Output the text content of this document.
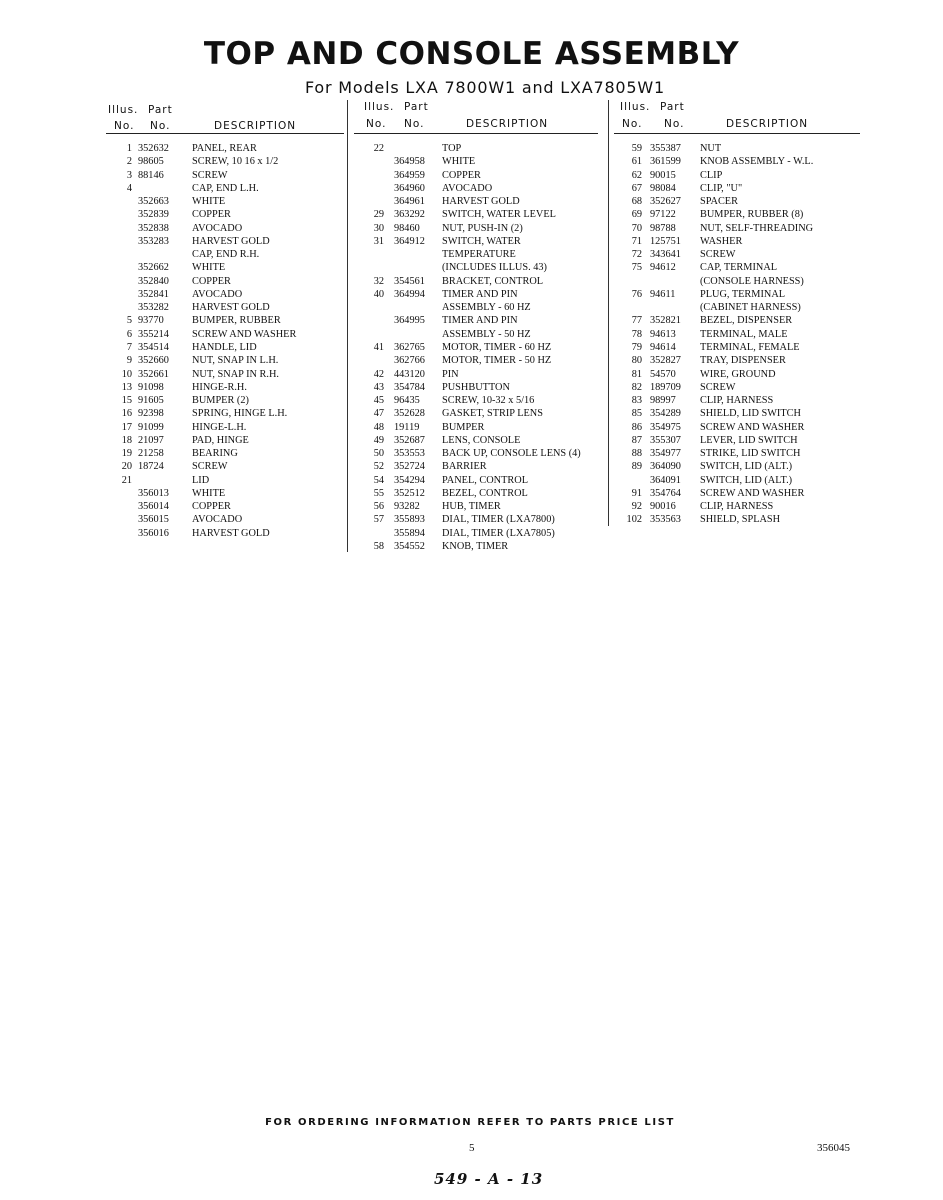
TOP AND CONSOLE ASSEMBLY
For Models LXA 7800W1 and LXA7805W1
Illus. Part
No. No.	DESCRIPTION
1 352632 PANEL, REAR
2 98605	SCREW, 10 16 x 1/2
3 88146	SCREW
4	CAP, END L.H.
352663 WHITE
352839 COPPER
352838 AVOCADO
353283 HARVEST GOLD
CAP, END R.H.
352662 WHITE
352840 COPPER
352841 AVOCADO
353282 HARVEST GOLD
5 93770	BUMPER, RUBBER
6 355214 SCREW AND WASHER
7 354514 HANDLE, LID
9 352660 NUT, SNAP IN L.H.
10 352661 NUT, SNAP IN R.H.
13 91098	HINGE-R.H.
15 91605	BUMPER (2)
16 92398	SPRING, HINGE L.H.
17 91099	HINGE-L.H.
18 21097	PAD, HINGE
19 21258	BEARING
20 18724	SCREW
21	LID
356013 WHITE
356014 COPPER
356015 AVOCADO
356016 HARVEST GOLD
Illus. Part
No. No.	DESCRIPTION
22	TOP
364958 WHITE
364959 COPPER
364960 AVOCADO
364961 HARVEST GOLD
29 363292 SWITCH, WATER LEVEL
30 98460 NUT, PUSH-IN (2)
31 364912 SWITCH, WATER
TEMPERATURE
(INCLUDES ILLUS. 43)
32 354561 BRACKET, CONTROL
40 364994 TIMER AND PIN
ASSEMBLY - 60 HZ
364995 TIMER AND PIN
ASSEMBLY - 50 HZ
41 362765 MOTOR, TIMER - 60 HZ
362766 MOTOR, TIMER - 50 HZ
42 443120 PIN
43 354784 PUSHBUTTON
45 96435 SCREW, 10-32 x 5/16
47 352628 GASKET, STRIP LENS
48 19119 BUMPER
49 352687 LENS, CONSOLE
50 353553 BACK UP, CONSOLE LENS (4)
52 352724 BARRIER
54 354294 PANEL, CONTROL
55 352512 BEZEL, CONTROL
56 93282 HUB, TIMER
57 355893 DIAL, TIMER (LXA7800)
355894 DIAL, TIMER (LXA7805)
58 354552 KNOB, TIMER
Illus. Part
No. No.	DESCRIPTION
59 355387 NUT
61 361599 KNOB ASSEMBLY - W.L.
62 90015 CLIP
67 98084 CLIP, "U"
68 352627 SPACER
69 97122 BUMPER, RUBBER (8)
70 98788 NUT, SELF-THREADING
71 125751 WASHER
72 343641 SCREW
75 94612 CAP, TERMINAL
(CONSOLE HARNESS)
76 94611 PLUG, TERMINAL
(CABINET HARNESS)
77 352821 BEZEL, DISPENSER
78 94613 TERMINAL, MALE
79 94614 TERMINAL, FEMALE
80 352827 TRAY, DISPENSER
81 54570 WIRE, GROUND
82 189709 SCREW
83 98997 CLIP, HARNESS
85 354289 SHIELD, LID SWITCH
86 354975 SCREW AND WASHER
87 355307 LEVER, LID SWITCH
88 354977 STRIKE, LID SWITCH
89 364090 SWITCH, LID (ALT.)
364091 SWITCH, LID (ALT.)
91 354764 SCREW AND WASHER
92 90016 CLIP, HARNESS
102 353563 SHIELD, SPLASH
FOR ORDERING INFORMATION REFER TO PARTS PRICE LIST
5	356045
549 - A - 13
